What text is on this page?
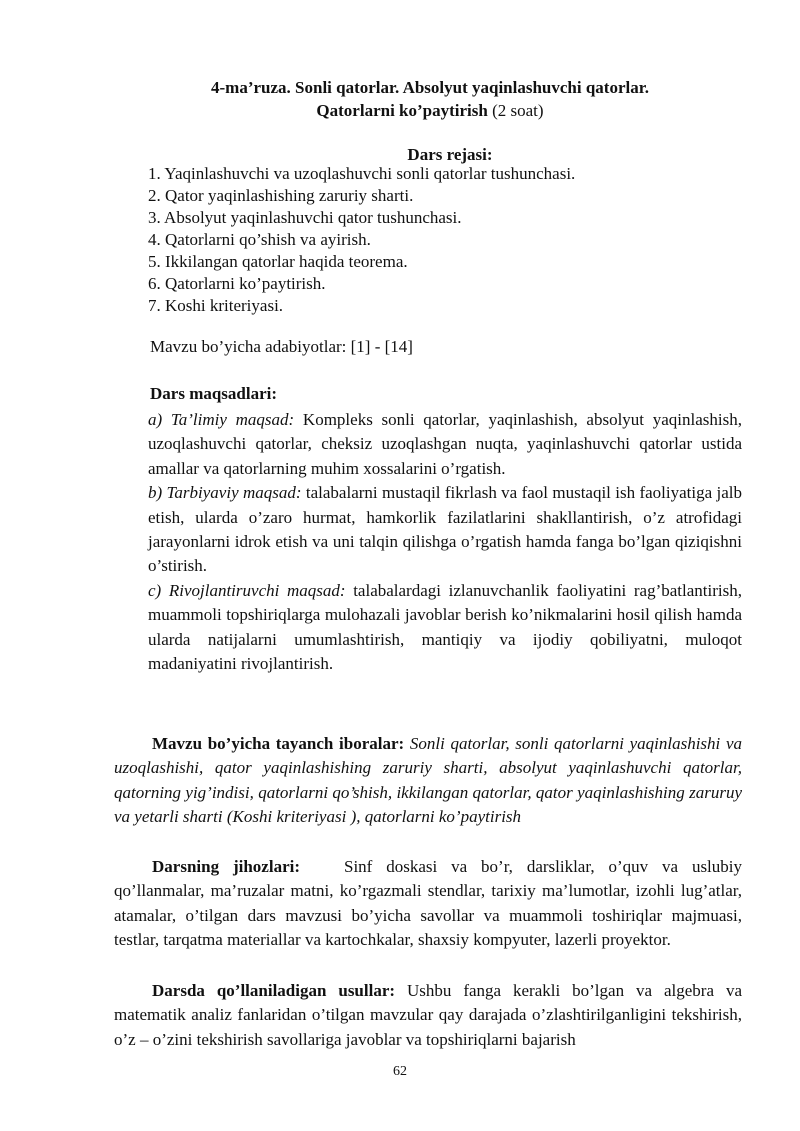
4-ma’ruza. Sonli qatorlar. Absolyut yaqinlashuvchi qatorlar.
Qatorlarni ko’paytirish (2 soat)
Dars rejasi:
1. Yaqinlashuvchi va uzoqlashuvchi sonli qatorlar tushunchasi.
2. Qator yaqinlashishing zaruriy sharti.
3. Absolyut yaqinlashuvchi qator tushunchasi.
4. Qatorlarni qo’shish va ayirish.
5. Ikkilangan qatorlar haqida teorema.
6. Qatorlarni ko’paytirish.
7. Koshi kriteriyasi.
Mavzu bo’yicha adabiyotlar: [1] - [14]
Dars maqsadlari:

a) Ta’limiy maqsad: Kompleks sonli qatorlar, yaqinlashish, absolyut yaqinlashish, uzoqlashuvchi qatorlar, cheksiz uzoqlashgan nuqta, yaqinlashuvchi qatorlar ustida amallar va qatorlarning muhim xossalarini o’rgatish.

b) Tarbiyaviy maqsad: talabalarni mustaqil fikrlash va faol mustaqil ish faoliyatiga jalb etish, ularda o’zaro hurmat, hamkorlik fazilatlarini shakllantirish, o’z atrofidagi jarayonlarni idrok etish va uni talqin qilishga o’rgatish hamda fanga bo’lgan qiziqishni o’stirish.

c) Rivojlantiruvchi maqsad: talabalardagi izlanuvchanlik faoliyatini rag’batlantirish, muammoli topshiriqlarga mulohazali javoblar berish ko’nikmalarini hosil qilish hamda ularda natijalarni umumlashtirish, mantiqiy va ijodiy qobiliyatni, muloqot madaniyatini rivojlantirish.

Mavzu bo’yicha tayanch iboralar: Sonli qatorlar, sonli qatorlarni yaqinlashishi va uzoqlashishi, qator yaqinlashishing zaruriy sharti, absolyut yaqinlashuvchi qatorlar, qatorning yig’indisi, qatorlarni qo’shish, ikkilangan qatorlar, qator yaqinlashishing zaruruy va yetarli sharti (Koshi kriteriyasi ), qatorlarni ko’paytirish
Darsning jihozlari:	Sinf doskasi va bo’r, darsliklar, o’quv va uslubiy qo’llanmalar, ma’ruzalar matni, ko’rgazmali stendlar, tarixiy ma’lumotlar, izohli lug’atlar, atamalar, o’tilgan dars mavzusi bo’yicha savollar va muammoli toshiriqlar majmuasi, testlar, tarqatma materiallar va kartochkalar, shaxsiy kompyuter, lazerli proyektor.
Darsda qo’llaniladigan usullar: Ushbu fanga kerakli bo’lgan va algebra va matematik analiz fanlaridan o’tilgan mavzular qay darajada o’zlashtirilganligini tekshirish, o’z – o’zini tekshirish savollariga javoblar va topshiriqlarni bajarish
62
